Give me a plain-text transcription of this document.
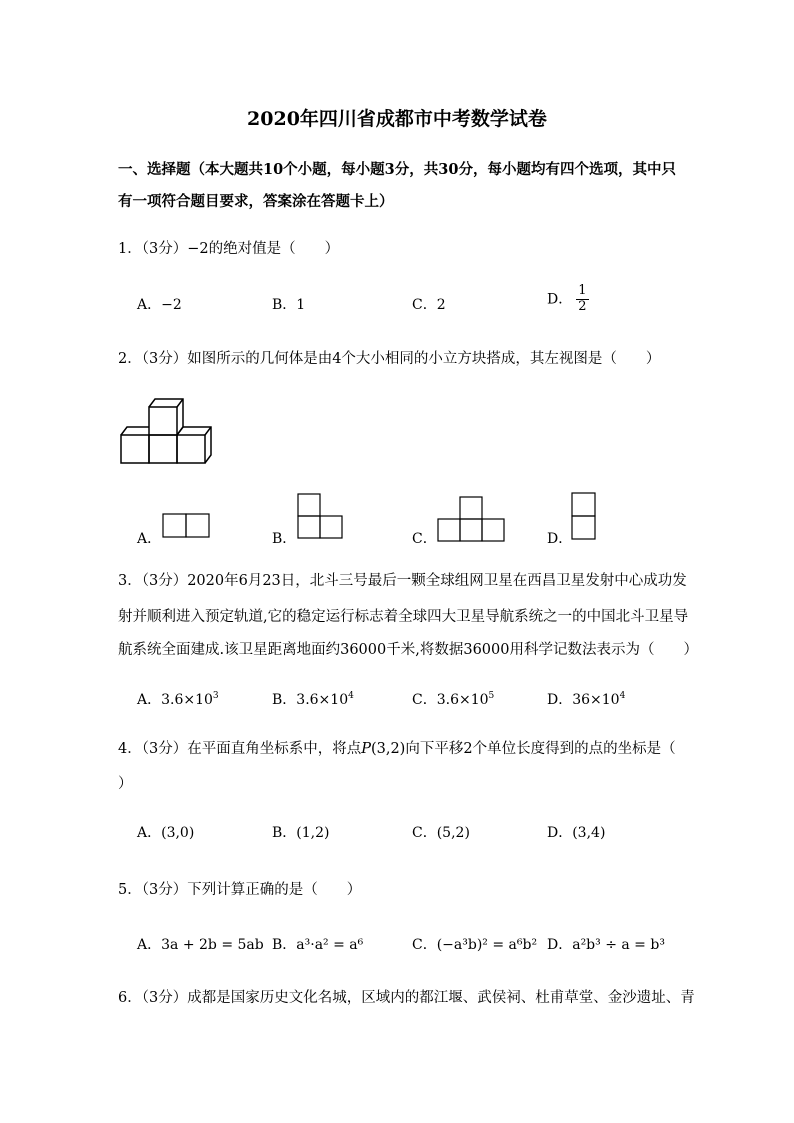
2020年四川省成都市中考数学试卷
一、选择题（本大题共10个小题，每小题3分，共30分，每小题均有四个选项，其中只
有一项符合题目要求，答案涂在答题卡上）
1．（3分）−2的绝对值是（　　）
A．−2	B．1	C．2	D． $\frac{1}{2}$
2．（3分）如图所示的几何体是由4个大小相同的小立方块搭成，其左视图是（　　）
A．	B．	C．	D．
3．（3分）2020年6月23日，北斗三号最后一颗全球组网卫星在西昌卫星发射中心成功发
射并顺利进入预定轨道,它的稳定运行标志着全球四大卫星导航系统之一的中国北斗卫星导
航系统全面建成.该卫星距离地面约36000千米,将数据36000用科学记数法表示为（　　）
A．$3.6\times 10^3$	B．$3.6\times 10^4$	C．$3.6\times 10^5$	D．$36\times 10^4$
4．（3分）在平面直角坐标系中，将点P(3,2)向下平移2个单位长度得到的点的坐标是（
）
A．(3,0)	B．(1,2)	C．(5,2)	D．(3,4)
5．（3分）下列计算正确的是（　　）
A．3a + 2b = 5ab B．a³·a² = a⁶	C．(−a³b)² = a⁶b² D．a²b³ ÷ a = b³
6．（3分）成都是国家历史文化名城，区域内的都江堰、武侯祠、杜甫草堂、金沙遗址、青
